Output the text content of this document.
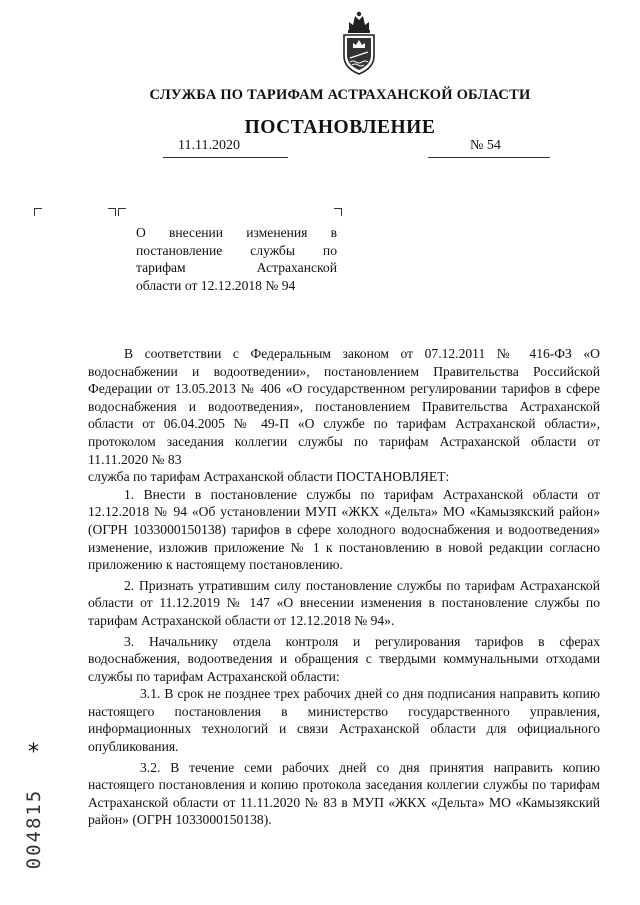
СЛУЖБА ПО ТАРИФАМ АСТРАХАНСКОЙ ОБЛАСТИ
ПОСТАНОВЛЕНИЕ
11.11.2020	№ 54
О внесении изменения в
постановление службы по
тарифам Астраханской
области от 12.12.2018 № 94

В соответствии с Федеральным законом от 07.12.2011 № 416-ФЗ «О водоснабжении и водоотведении», постановлением Правительства Российской Федерации от 13.05.2013 № 406 «О государственном регулировании тарифов в сфере водоснабжения и водоотведения», постановлением Правительства Астраханской области от 06.04.2005 № 49-П «О службе по тарифам Астраханской области», протоколом заседания коллегии службы по тарифам Астраханской области от 11.11.2020 № 83

служба по тарифам Астраханской области ПОСТАНОВЛЯЕТ:

1. Внести в постановление службы по тарифам Астраханской области от 12.12.2018 № 94 «Об установлении МУП «ЖКХ «Дельта» МО «Камызякский район» (ОГРН 1033000150138) тарифов в сфере холодного водоснабжения и водоотведения» изменение, изложив приложение № 1 к постановлению в новой редакции согласно приложению к настоящему постановлению.

2. Признать утратившим силу постановление службы по тарифам Астраханской области от 11.12.2019 № 147 «О внесении изменения в постановление службы по тарифам Астраханской области от 12.12.2018 № 94».

3. Начальнику отдела контроля и регулирования тарифов в сферах водоснабжения, водоотведения и обращения с твердыми коммунальными отходами службы по тарифам Астраханской области:

3.1. В срок не позднее трех рабочих дней со дня подписания направить копию настоящего постановления в министерство государственного управления, информационных технологий и связи Астраханской области для официального опубликования.

3.2. В течение семи рабочих дней со дня принятия направить копию настоящего постановления и копию протокола заседания коллегии службы по тарифам Астраханской области от 11.11.2020 № 83 в МУП «ЖКХ «Дельта» МО «Камызякский район» (ОГРН 1033000150138).

*
004815
